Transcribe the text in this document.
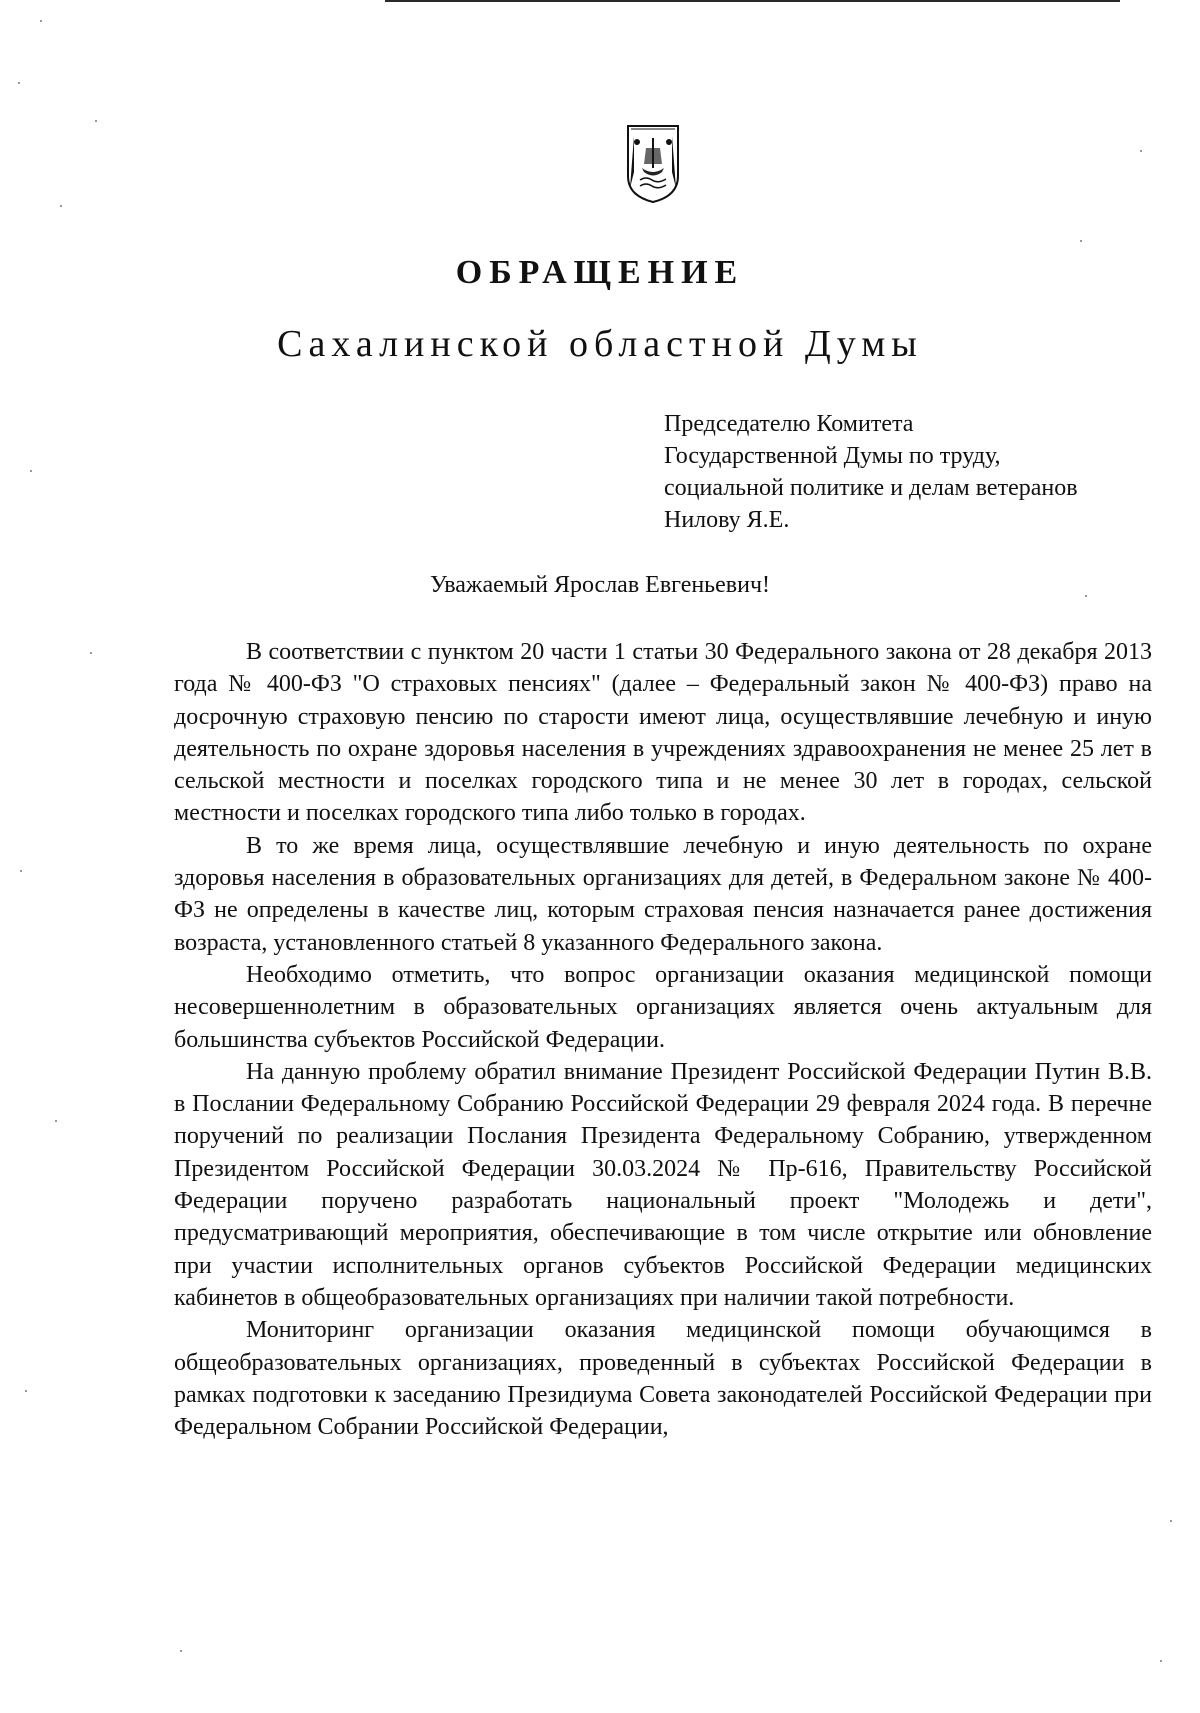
ОБРАЩЕНИЕ
Сахалинской областной Думы
Председателю Комитета
Государственной Думы по труду,
социальной политике и делам ветеранов
Нилову Я.Е.
Уважаемый Ярослав Евгеньевич!

В соответствии с пунктом 20 части 1 статьи 30 Федерального закона от 28 декабря 2013 года № 400-ФЗ "О страховых пенсиях" (далее – Федеральный закон № 400-ФЗ) право на досрочную страховую пенсию по старости имеют лица, осуществлявшие лечебную и иную деятельность по охране здоровья населения в учреждениях здравоохранения не менее 25 лет в сельской местности и поселках городского типа и не менее 30 лет в городах, сельской местности и поселках городского типа либо только в городах.

В то же время лица, осуществлявшие лечебную и иную деятельность по охране здоровья населения в образовательных организациях для детей, в Федеральном законе № 400-ФЗ не определены в качестве лиц, которым страховая пенсия назначается ранее достижения возраста, установленного статьей 8 указанного Федерального закона.

Необходимо отметить, что вопрос организации оказания медицинской помощи несовершеннолетним в образовательных организациях является очень актуальным для большинства субъектов Российской Федерации.

На данную проблему обратил внимание Президент Российской Федерации Путин В.В. в Послании Федеральному Собранию Российской Федерации 29 февраля 2024 года. В перечне поручений по реализации Послания Президента Федеральному Собранию, утвержденном Президентом Российской Федерации 30.03.2024 № Пр-616, Правительству Российской Федерации поручено разработать национальный проект "Молодежь и дети", предусматривающий мероприятия, обеспечивающие в том числе открытие или обновление при участии исполнительных органов субъектов Российской Федерации медицинских кабинетов в общеобразовательных организациях при наличии такой потребности.

Мониторинг организации оказания медицинской помощи обучающимся в общеобразовательных организациях, проведенный в субъектах Российской Федерации в рамках подготовки к заседанию Президиума Совета законодателей Российской Федерации при Федеральном Собрании Российской Федерации,
